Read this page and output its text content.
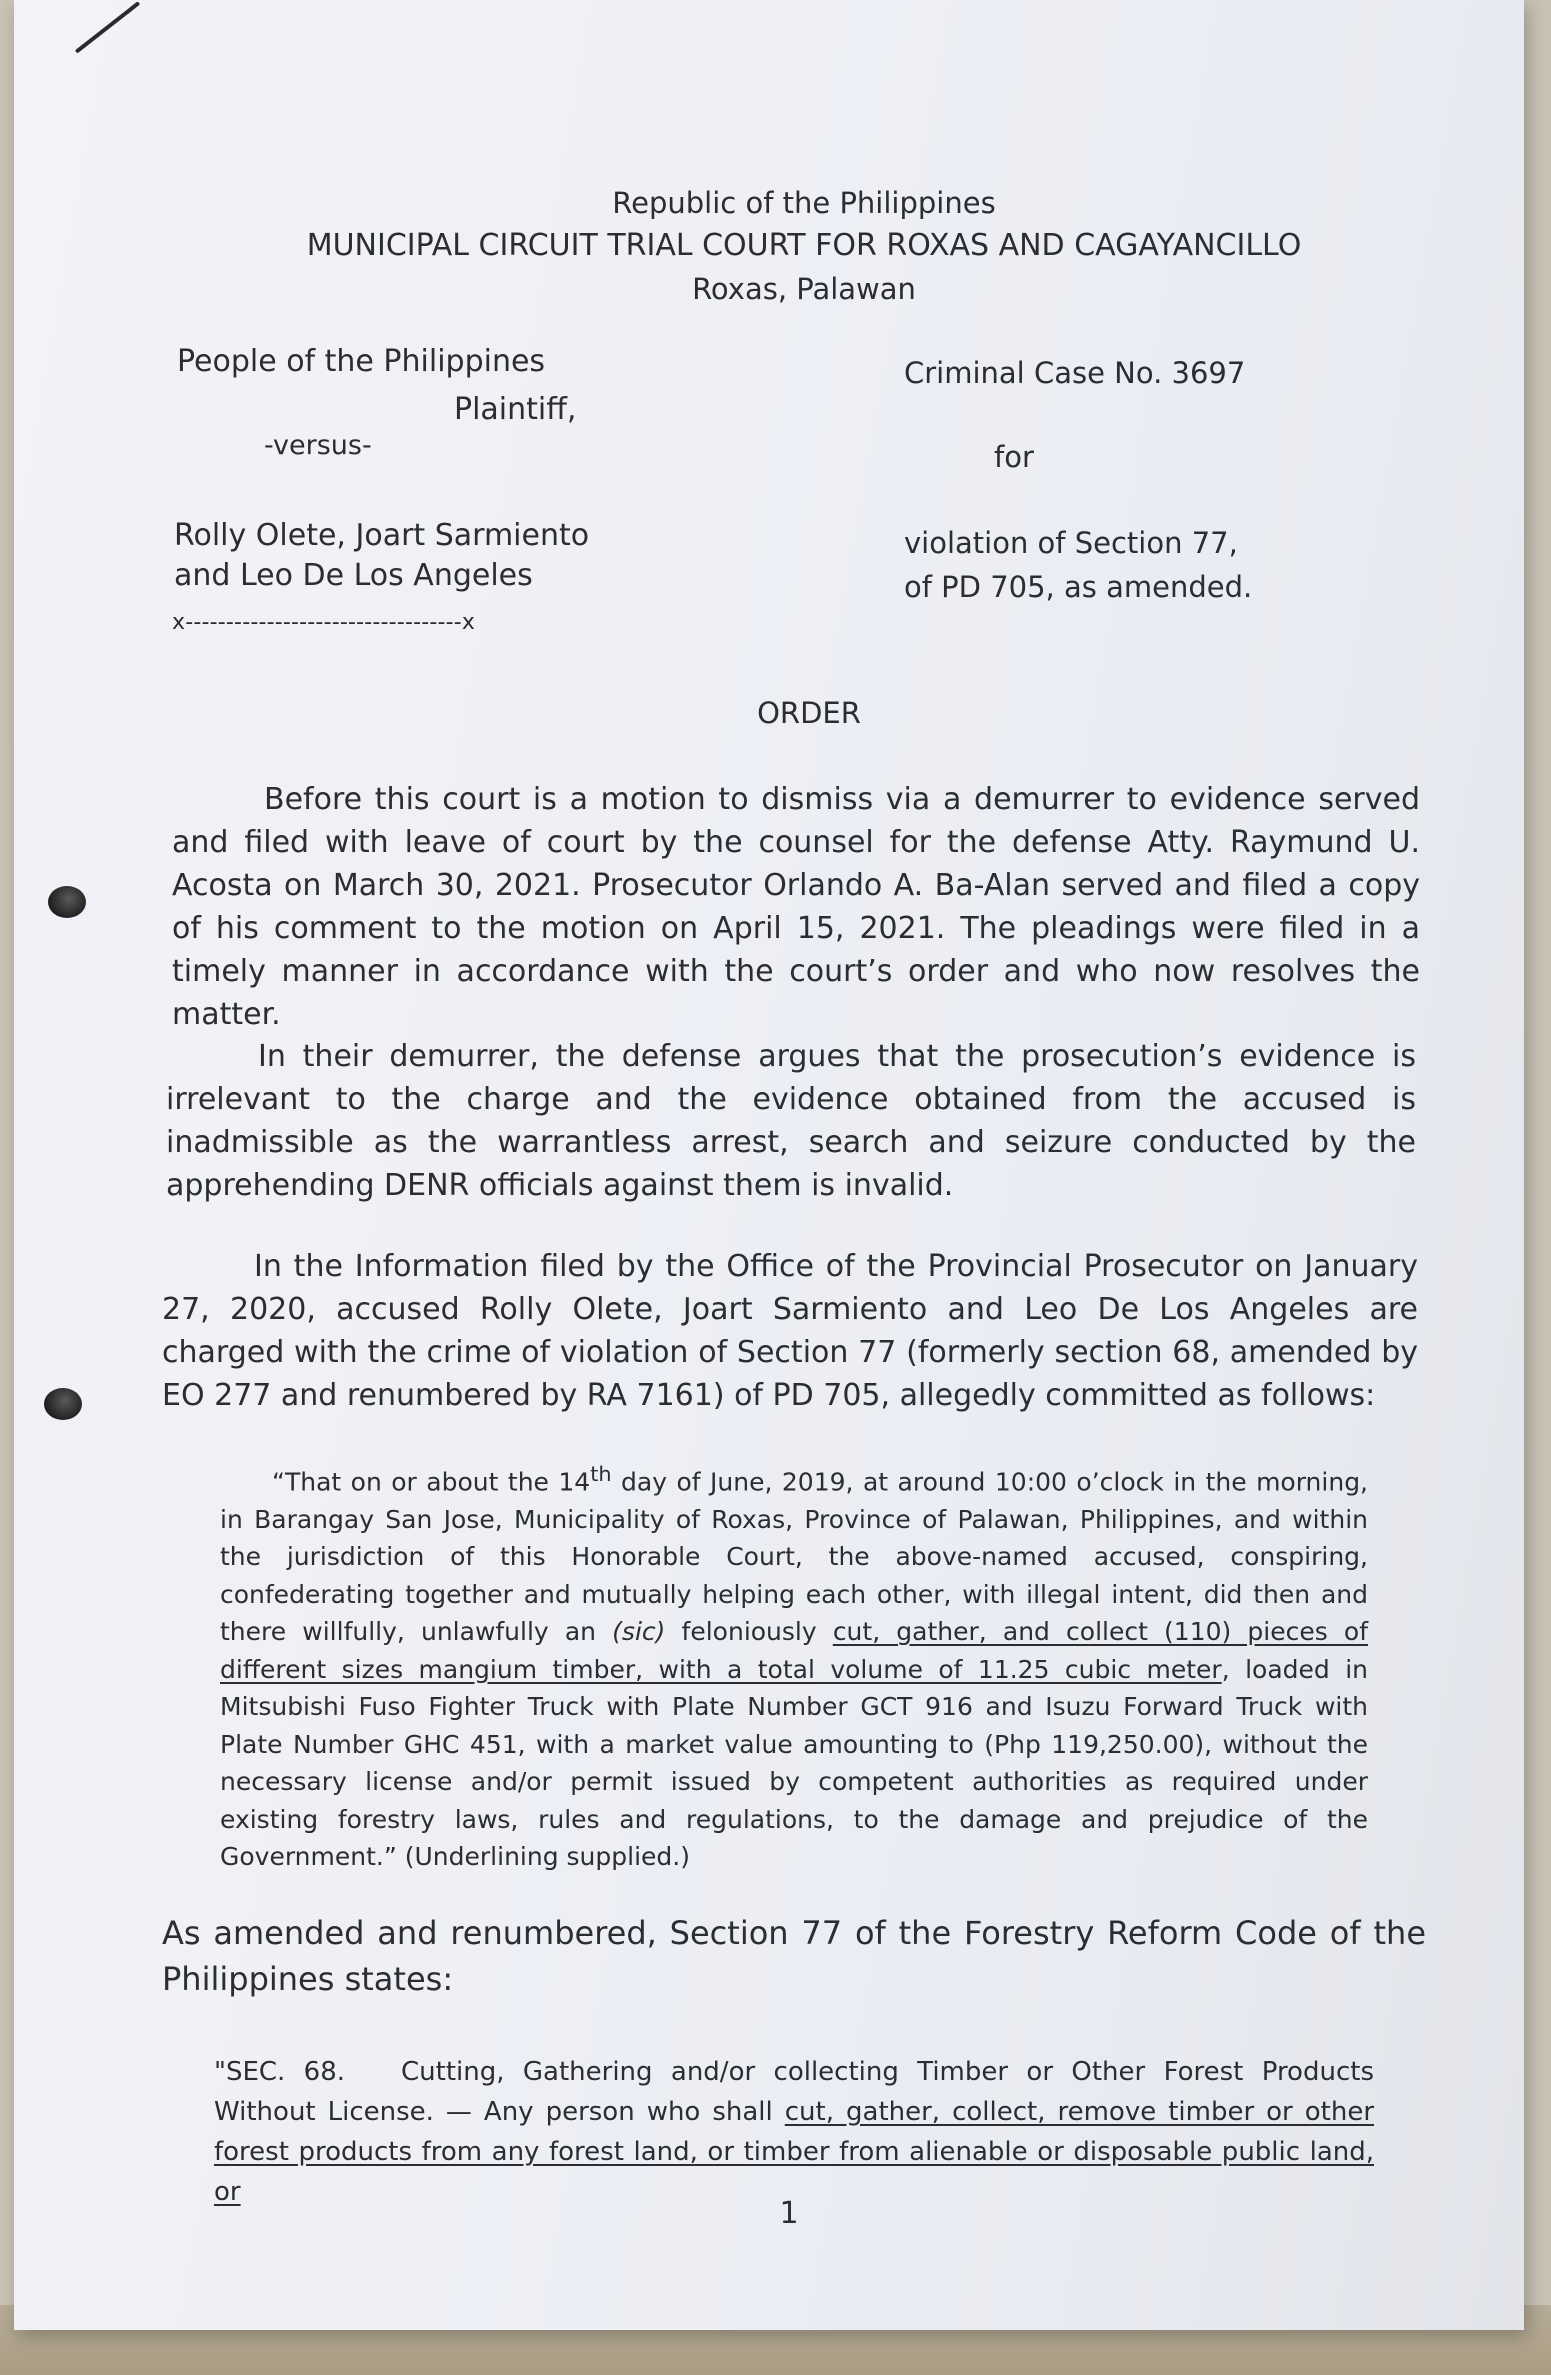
Republic of the Philippines
MUNICIPAL CIRCUIT TRIAL COURT FOR ROXAS AND CAGAYANCILLO
Roxas, Palawan
People of the Philippines
Plaintiff,
-versus-
Rolly Olete, Joart Sarmiento
and Leo De Los Angeles
x----------------------------------x
Criminal Case No. 3697
for
violation of Section 77,
of PD 705, as amended.
ORDER
Before this court is a motion to dismiss via a demurrer to evidence served and filed with leave of court by the counsel for the defense Atty. Raymund U. Acosta on March 30, 2021. Prosecutor Orlando A. Ba-Alan served and filed a copy of his comment to the motion on April 15, 2021. The pleadings were filed in a timely manner in accordance with the court’s order and who now resolves the matter.
In their demurrer, the defense argues that the prosecution’s evidence is irrelevant to the charge and the evidence obtained from the accused is inadmissible as the warrantless arrest, search and seizure conducted by the apprehending DENR officials against them is invalid.
In the Information filed by the Office of the Provincial Prosecutor on January 27, 2020, accused Rolly Olete, Joart Sarmiento and Leo De Los Angeles are charged with the crime of violation of Section 77 (formerly section 68, amended by EO 277 and renumbered by RA 7161) of PD 705, allegedly committed as follows:
“That on or about the 14th day of June, 2019, at around 10:00 o’clock in the morning, in Barangay San Jose, Municipality of Roxas, Province of Palawan, Philippines, and within the jurisdiction of this Honorable Court, the above-named accused, conspiring, confederating together and mutually helping each other, with illegal intent, did then and there willfully, unlawfully an (sic) feloniously cut, gather, and collect (110) pieces of different sizes mangium timber, with a total volume of 11.25 cubic meter, loaded in Mitsubishi Fuso Fighter Truck with Plate Number GCT 916 and Isuzu Forward Truck with Plate Number GHC 451, with a market value amounting to (Php 119,250.00), without the necessary license and/or permit issued by competent authorities as required under existing forestry laws, rules and regulations, to the damage and prejudice of the Government.” (Underlining supplied.)
As amended and renumbered, Section 77 of the Forestry Reform Code of the Philippines states:
"SEC. 68. Cutting, Gathering and/or collecting Timber or Other Forest Products Without License. — Any person who shall cut, gather, collect, remove timber or other forest products from any forest land, or timber from alienable or disposable public land, or
1
